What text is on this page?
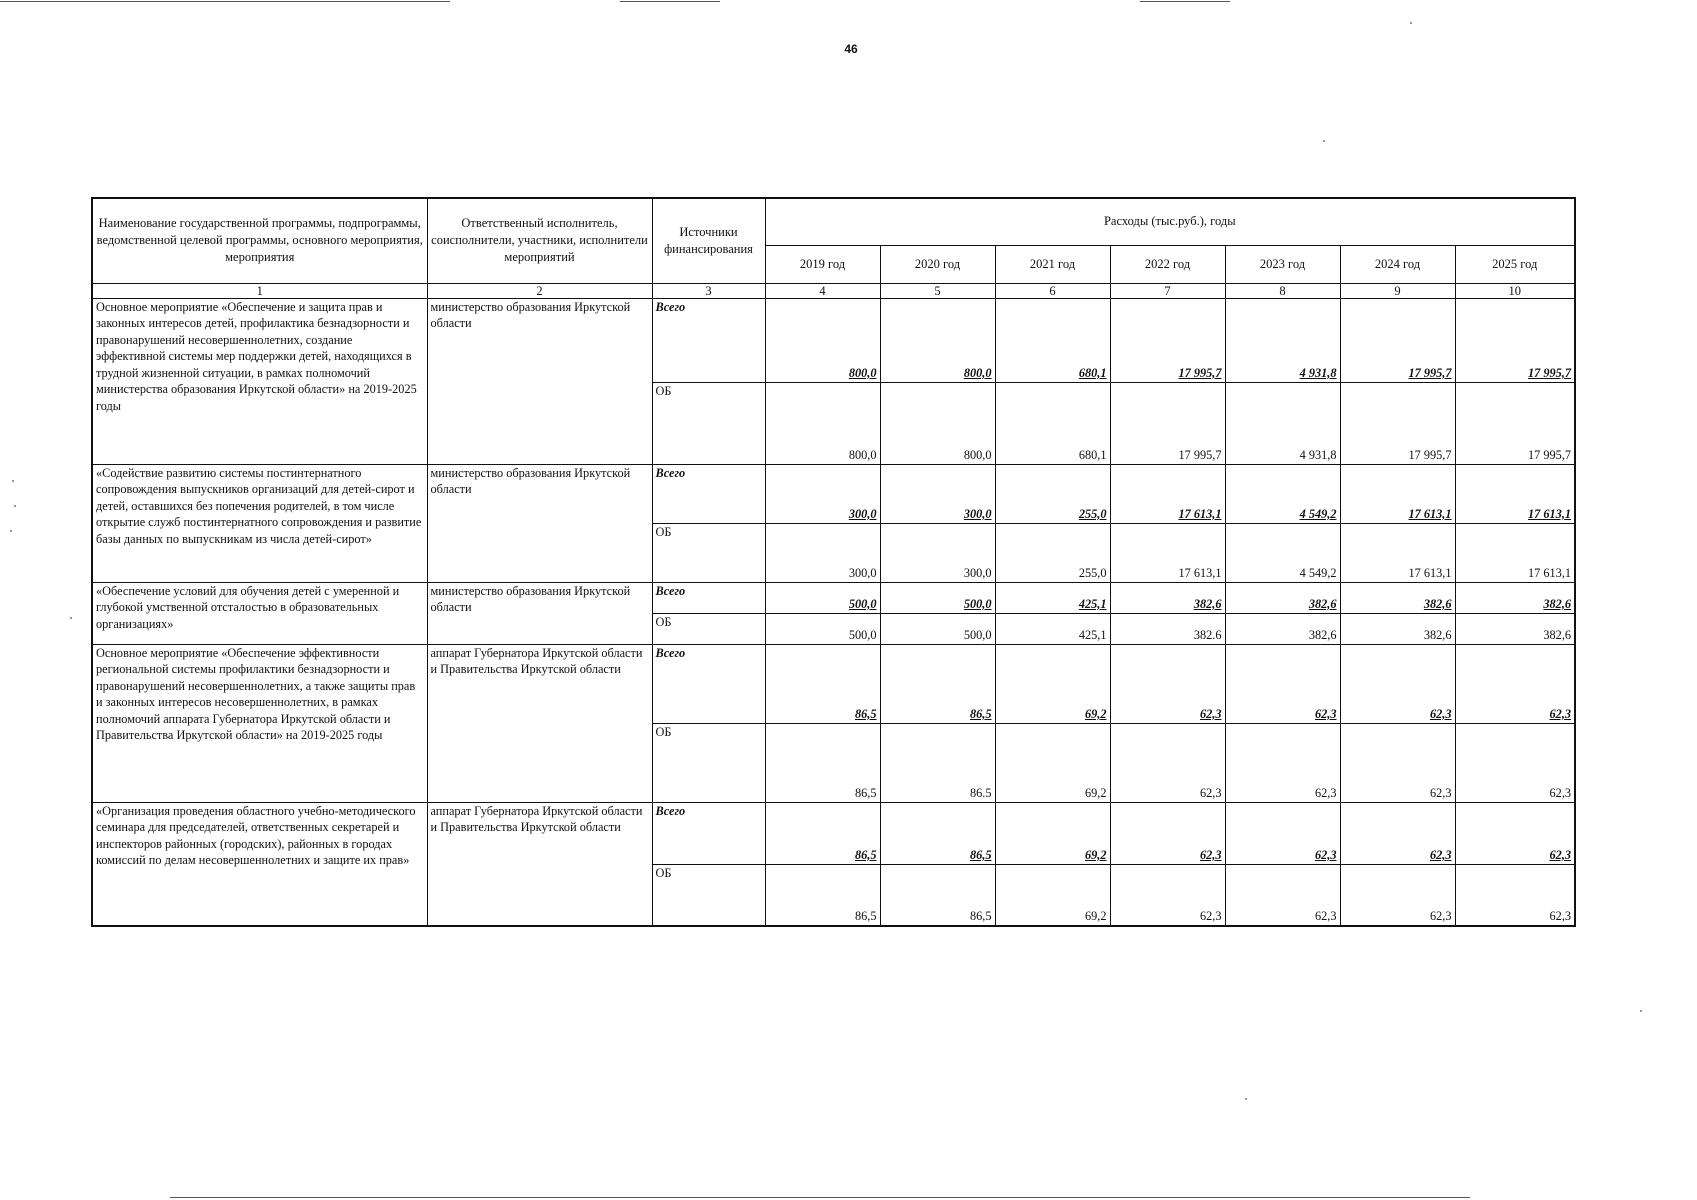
46
Наименование государственной программы, подпрограммы, ведомственной целевой программы, основного мероприятия, мероприятия	Ответственный исполнитель, соисполнители, участники, исполнители мероприятий	Источники финансирования	Расходы (тыс.руб.), годы						
			2019 год	2020 год	2021 год	2022 год	2023 год	2024 год	2025 год
1	2	3	4	5	6	7	8	9	10
Основное мероприятие «Обеспечение и защита прав и законных интересов детей, профилактика безнадзорности и правонарушений несовершеннолетних, создание эффективной системы мер поддержки детей, находящихся в трудной жизненной ситуации, в рамках полномочий министерства образования Иркутской области» на 2019-2025 годы	министерство образования Иркутской области	Всего	800,0	800,0	680,1	17 995,7	4 931,8	17 995,7	17 995,7
		ОБ	800,0	800,0	680,1	17 995,7	4 931,8	17 995,7	17 995,7
«Содействие развитию системы постинтернатного сопровождения выпускников организаций для детей-сирот и детей, оставшихся без попечения родителей, в том числе открытие служб постинтернатного сопровождения и развитие базы данных по выпускникам из числа детей-сирот»	министерство образования Иркутской области	Всего	300,0	300,0	255,0	17 613,1	4 549,2	17 613,1	17 613,1
		ОБ	300,0	300,0	255,0	17 613,1	4 549,2	17 613,1	17 613,1
«Обеспечение условий для обучения детей с умеренной и глубокой умственной отсталостью в образовательных организациях»	министерство образования Иркутской области	Всего	500,0	500,0	425,1	382,6	382,6	382,6	382,6
		ОБ	500,0	500,0	425,1	382.6	382,6	382,6	382,6
Основное мероприятие «Обеспечение эффективности региональной системы профилактики безнадзорности и правонарушений несовершеннолетних, а также защиты прав и законных интересов несовершеннолетних, в рамках полномочий аппарата Губернатора Иркутской области и Правительства Иркутской области» на 2019-2025 годы	аппарат Губернатора Иркутской области и Правительства Иркутской области	Всего	86,5	86,5	69,2	62,3	62,3	62,3	62,3
		ОБ	86,5	86.5	69,2	62,3	62,3	62,3	62,3
«Организация проведения областного учебно-методического семинара для председателей, ответственных секретарей и инспекторов районных (городских), районных в городах комиссий по делам несовершеннолетних и защите их прав»	аппарат Губернатора Иркутской области и Правительства Иркутской области	Всего	86,5	86,5	69,2	62,3	62,3	62,3	62,3
		ОБ	86,5	86,5	69,2	62,3	62,3	62,3	62,3
